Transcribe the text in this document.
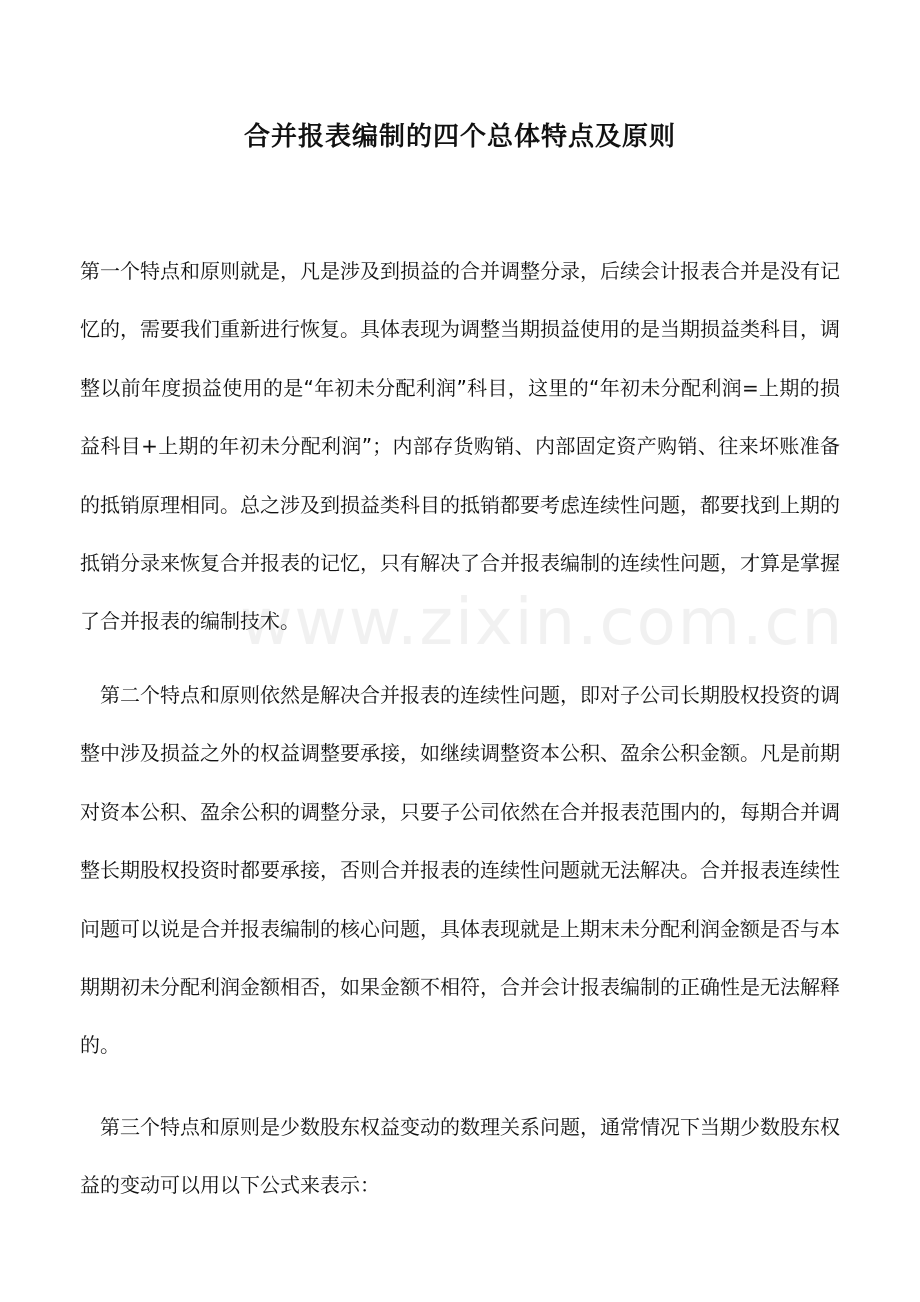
合并报表编制的四个总体特点及原则
第一个特点和原则就是，凡是涉及到损益的合并调整分录，后续会计报表合并是没有记忆的，需要我们重新进行恢复。具体表现为调整当期损益使用的是当期损益类科目，调整以前年度损益使用的是“年初未分配利润”科目，这里的“年初未分配利润=上期的损益科目+上期的年初未分配利润”；内部存货购销、内部固定资产购销、往来坏账准备的抵销原理相同。总之涉及到损益类科目的抵销都要考虑连续性问题，都要找到上期的抵销分录来恢复合并报表的记忆，只有解决了合并报表编制的连续性问题，才算是掌握了合并报表的编制技术。
第二个特点和原则依然是解决合并报表的连续性问题，即对子公司长期股权投资的调整中涉及损益之外的权益调整要承接，如继续调整资本公积、盈余公积金额。凡是前期对资本公积、盈余公积的调整分录，只要子公司依然在合并报表范围内的，每期合并调整长期股权投资时都要承接，否则合并报表的连续性问题就无法解决。合并报表连续性问题可以说是合并报表编制的核心问题，具体表现就是上期末未分配利润金额是否与本期期初未分配利润金额相否，如果金额不相符，合并会计报表编制的正确性是无法解释的。
第三个特点和原则是少数股东权益变动的数理关系问题，通常情况下当期少数股东权益的变动可以用以下公式来表示：
www.zixin.com.cn
